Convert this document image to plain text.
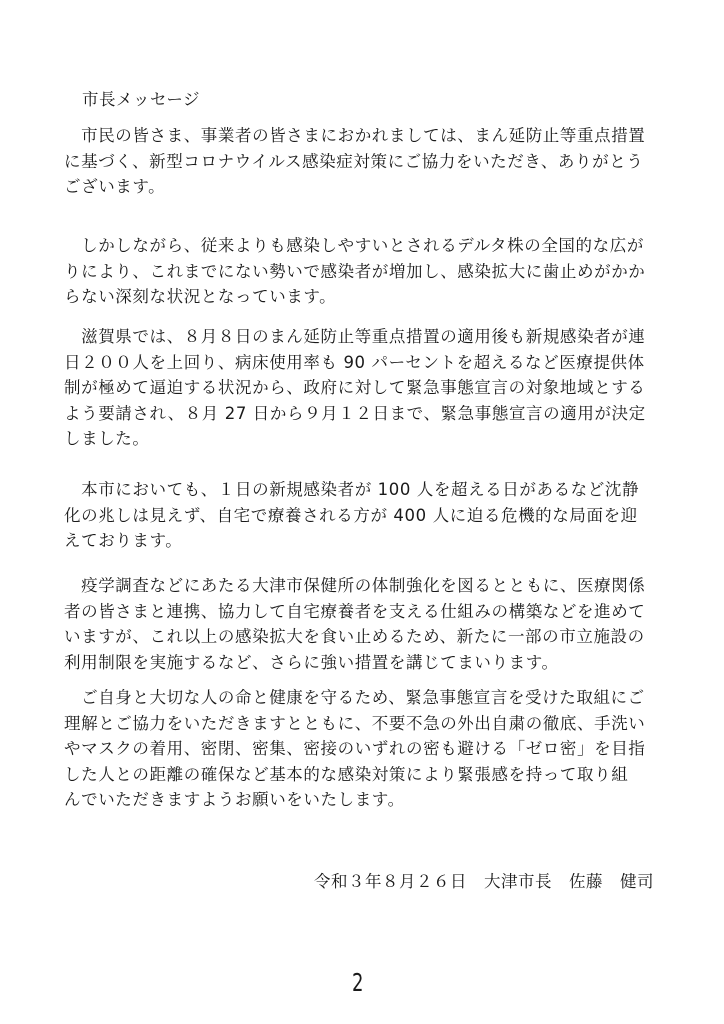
市長メッセージ
　市民の皆さま、事業者の皆さまにおかれましては、まん延防止等重点措置
に基づく、新型コロナウイルス感染症対策にご協力をいただき、ありがとう
ございます。
　しかしながら、従来よりも感染しやすいとされるデルタ株の全国的な広が
りにより、これまでにない勢いで感染者が増加し、感染拡大に歯止めがかか
らない深刻な状況となっています。
　滋賀県では、８月８日のまん延防止等重点措置の適用後も新規感染者が連
日２００人を上回り、病床使用率も 90 パーセントを超えるなど医療提供体
制が極めて逼迫する状況から、政府に対して緊急事態宣言の対象地域とする
よう要請され、８月 27 日から９月１２日まで、緊急事態宣言の適用が決定
しました。
　本市においても、１日の新規感染者が 100 人を超える日があるなど沈静
化の兆しは見えず、自宅で療養される方が 400 人に迫る危機的な局面を迎
えております。
　疫学調査などにあたる大津市保健所の体制強化を図るとともに、医療関係
者の皆さまと連携、協力して自宅療養者を支える仕組みの構築などを進めて
いますが、これ以上の感染拡大を食い止めるため、新たに一部の市立施設の
利用制限を実施するなど、さらに強い措置を講じてまいります。
　ご自身と大切な人の命と健康を守るため、緊急事態宣言を受けた取組にご
理解とご協力をいただきますとともに、不要不急の外出自粛の徹底、手洗い
やマスクの着用、密閉、密集、密接のいずれの密も避ける「ゼロ密」を目指
した人との距離の確保など基本的な感染対策により緊張感を持って取り組
んでいただきますようお願いをいたします。
令和３年８月２６日　大津市長　佐藤　健司
2
